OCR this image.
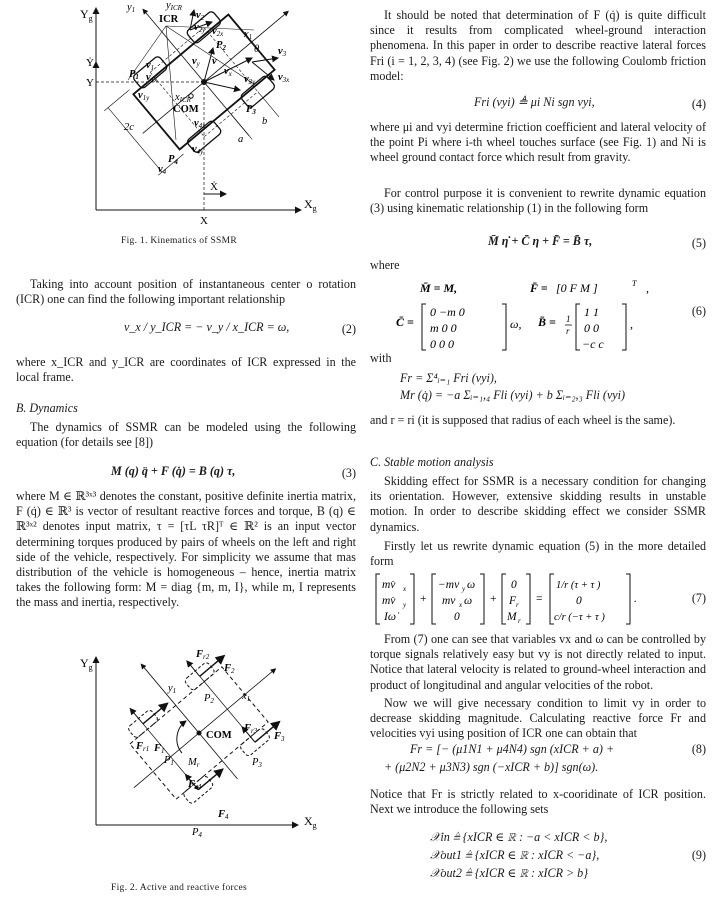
$Y_g$
$X_g$
Y
X
Ẏ
Ẋ
ICR
COM
xICR
y1
x1
θ
v
vx
vy
P1
P2
P3
P4
v1
v2
v3
v4
v1x
v1y
v2x
v2y
v3x
v3y
v4x
v4y
yICR
a
b
2c
Fig. 1. Kinematics of SSMR
Taking into account position of instantaneous center o rotation (ICR) one can find the following important relationship
v_x / y_ICR = − v_y / x_ICR = ω,	(2)
where x_ICR and y_ICR are coordinates of ICR expressed in the local frame.
B. Dynamics
The dynamics of SSMR can be modeled using the following equation (for details see [8])
M (q) q̈ + F (q̇) = B (q) τ,	(3)
where M ∈ ℝ³ˣ³ denotes the constant, positive definite inertia matrix, F (q̇) ∈ ℝ³ is vector of resultant reactive forces and torque, B (q) ∈ ℝ³ˣ² denotes input matrix, τ = [τL τR]ᵀ ∈ ℝ² is an input vector determining torques produced by pairs of wheels on the left and right side of the vehicle, respectively. For simplicity we assume that mas distribution of the vehicle is homogeneous – hence, inertia matrix takes the following form: M = diag {m, m, I}, while m, I represents the mass and inertia, respectively.
$Y_g$
$X_g$
y1	x1
COM
Mr
F1
F2
F3
F4
Fr1
Fr2
Fr3
Fr4
P1
P2
P3
P4
Fig. 2. Active and reactive forces
It should be noted that determination of F (q̇) is quite difficult since it results from complicated wheel-ground interaction phenomena. In this paper in order to describe reactive lateral forces Fri (i = 1, 2, 3, 4) (see Fig. 2) we use the following Coulomb friction model:
Fri (vyi) ≜ μi Ni sgn vyi,	(4)
where μi and vyi determine friction coefficient and lateral velocity of the point Pi where i-th wheel touches surface (see Fig. 1) and Ni is wheel ground contact force which result from gravity.
For control purpose it is convenient to rewrite dynamic equation (3) using kinematic relationship (1) in the following form
M̄ η̇ + C̄ η + F̄ = B̄ τ,	(5)
where
M̄ = M,	F̄ = [0 F M ]	T ,
C̄ =
0 −m 0
m 0 0
0 0 0
ω, B̄ = 1
r
1 1
0 0
−c c
,
(6)
with
Fr = Σ⁴ᵢ₌₁ Fri (vyi),
Mr (q̇) = −a Σᵢ₌₁,₄ Fli (vyi) + b Σᵢ₌₂,₃ Fli (vyi)
and r = ri (it is supposed that radius of each wheel is the same).
C. Stable motion analysis
Skidding effect for SSMR is a necessary condition for changing its orientation. However, extensive skidding results in unstable motion. In order to describe skidding effect we consider SSMR dynamics.
Firstly let us rewrite dynamic equation (5) in the more detailed form
mv̇ x
mv̇ y
Iω̇
+
−mv y ω
mv x ω
0
+
0
F r
M r
=
1/r (τ + τ )
0
c/r (−τ + τ )
.	(7)
From (7) one can see that variables vx and ω can be controlled by torque signals relatively easy but vy is not directly related to input. Notice that lateral velocity is related to ground-wheel interaction and product of longitudinal and angular velocities of the robot.
Now we will give necessary condition to limit vy in order to decrease skidding magnitude. Calculating reactive force Fr and velocities vyi using position of ICR one can obtain that
Fr = [− (μ1N1 + μ4N4) sgn (xICR + a) +	(8)
+ (μ2N2 + μ3N3) sgn (−xICR + b)] sgn(ω).
Notice that Fr is strictly related to x-cooridinate of ICR position. Next we introduce the following sets
𝒳in ≜ {xICR ∈ ℝ : −a < xICR < b},
𝒳out1 ≜ {xICR ∈ ℝ : xICR < −a},	(9)
𝒳out2 ≜ {xICR ∈ ℝ : xICR > b}
